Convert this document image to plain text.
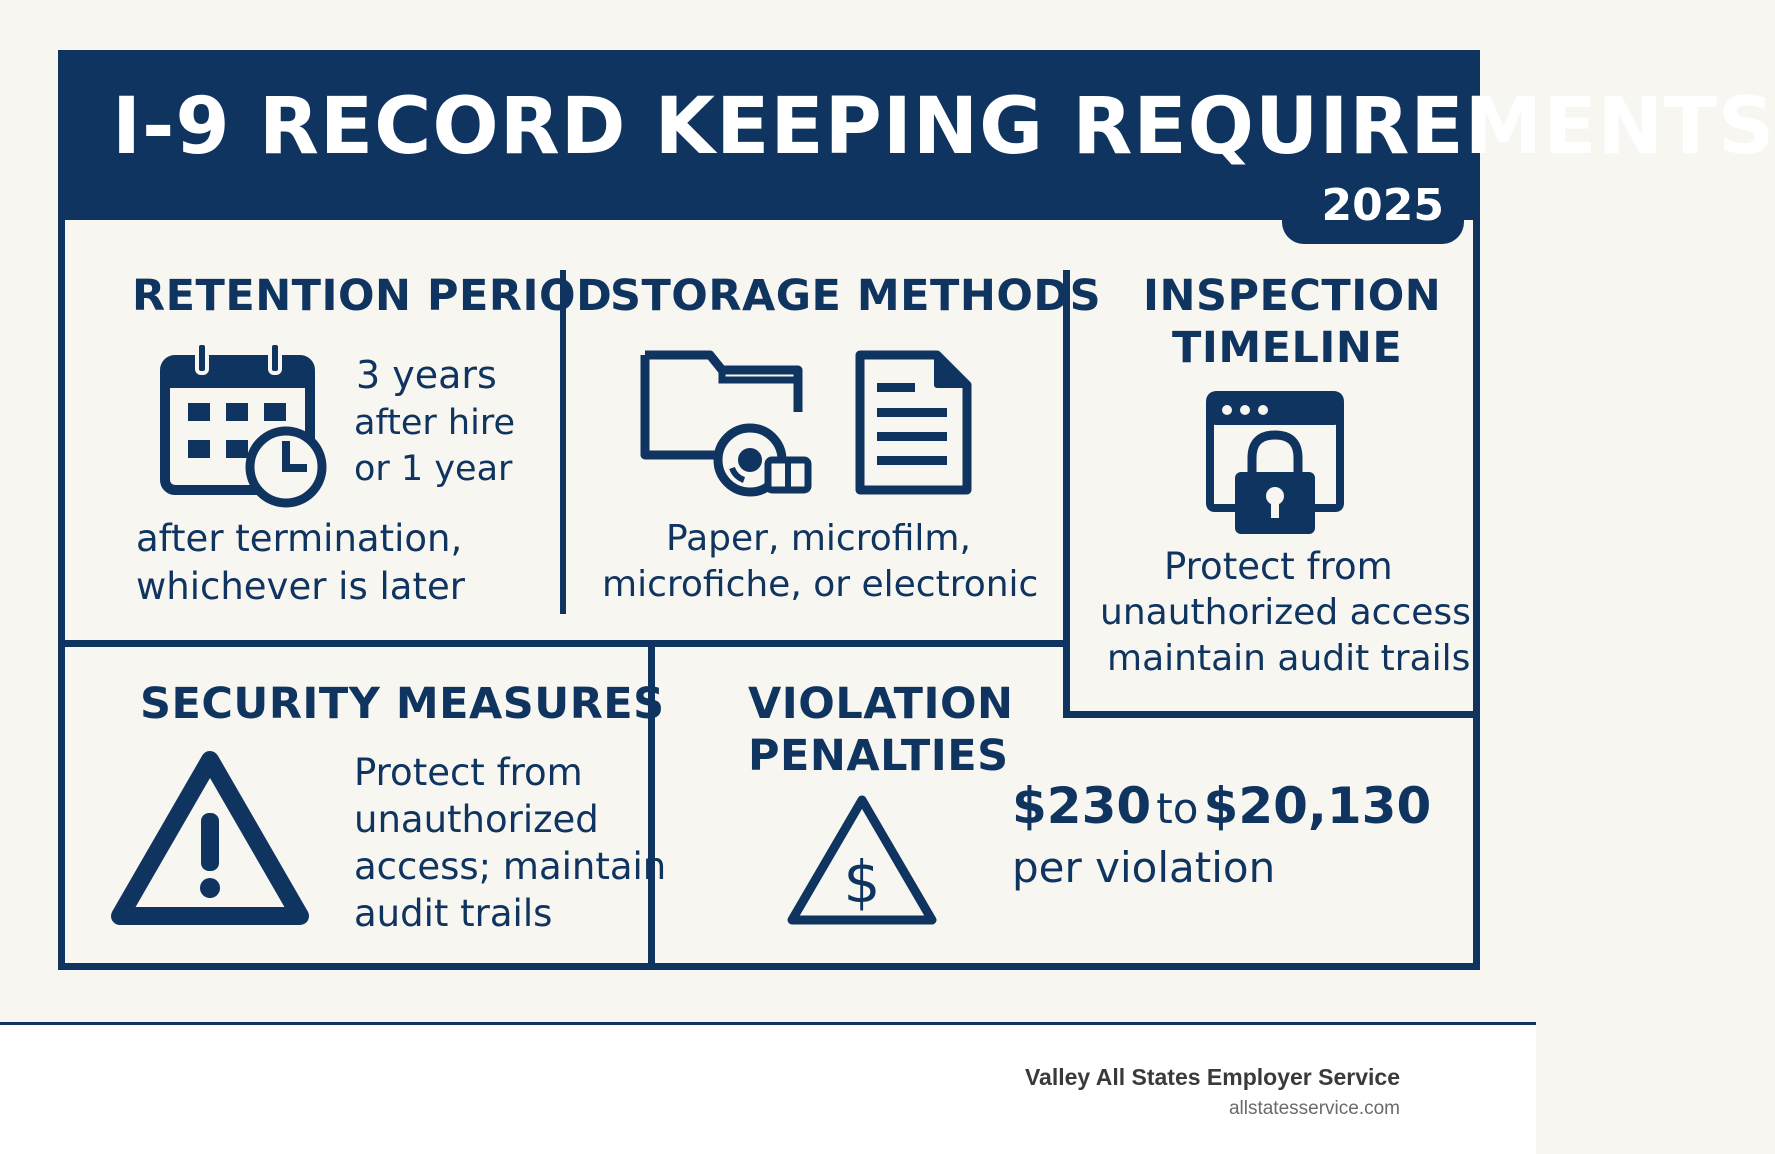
I-9 RECORD KEEPING REQUIREMENTS
2025
RETENTION PERIOD
3 years
after hire
or 1 year
after termination,
whichever is later
STORAGE METHODS
Paper, microfilm,
microfiche, or electronic
INSPECTION
TIMELINE
Protect from
unauthorized access;
maintain audit trails
SECURITY MEASURES
Protect from
unauthorized
access; maintain
audit trails
VIOLATION
PENALTIES
$
$230 to $20,130
per violation
Valley All States Employer Service
allstatesservice.com
